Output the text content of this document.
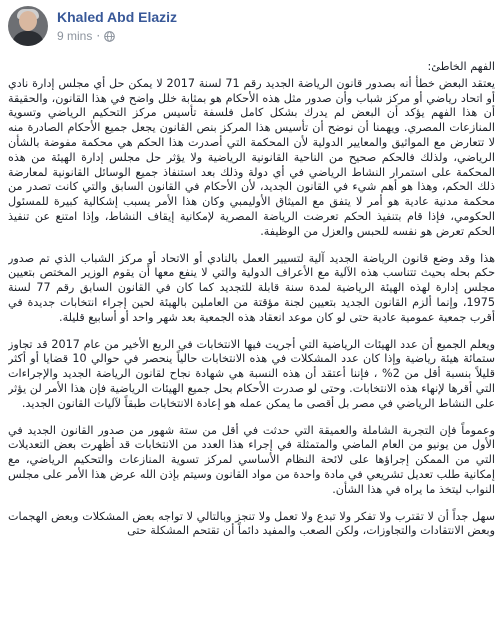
Khaled Abd Elaziz
9 mins ·

الفهم الخاطئ:

يعتقد البعض خطأ أنه بصدور قانون الرياضة الجديد رقم 71 لسنة 2017 لا يمكن حل أي مجلس إدارة نادي أو اتحاد رياضي أو مركز شباب وأن صدور مثل هذه الأحكام هو بمثابة خلل واضح في هذا القانون، والحقيقة أن هذا الفهم يؤكد أن البعض لم يدرك بشكل كامل فلسفة تأسيس مركز التحكيم الرياضي وتسوية المنازعات المصري. ويهمنا أن نوضح أن تأسيس هذا المركز بنص القانون يجعل جميع الأحكام الصادرة منه لا تتعارض مع المواثيق والمعايير الدولية لأن المحكمة التي أصدرت هذا الحكم هي محكمة مفوضة بالشأن الرياضي، ولذلك فالحكم صحيح من الناحية القانونية الرياضية ولا يؤثر حل مجلس إدارة الهيئة من هذه المحكمة على استمرار النشاط الرياضي في أي دولة وذلك بعد استنفاذ جميع الوسائل القانونية لمعارضة ذلك الحكم، وهذا هو أهم شيء في القانون الجديد، لأن الأحكام في القانون السابق والتي كانت تصدر من محكمة مدنية عادية هو أمر لا يتفق مع الميثاق الأوليمبي وكان هذا الأمر يسبب إشكالية كبيرة للمسئول الحكومي، فإذا قام بتنفيذ الحكم تعرضت الرياضة المصرية لإمكانية إيقاف النشاط، وإذا امتنع عن تنفيذ الحكم تعرض هو نفسه للحبس والعزل من الوظيفة.

هذا وقد وضع قانون الرياضة الجديد آلية لتسيير العمل بالنادي أو الاتحاد أو مركز الشباب الذي تم صدور حكم بحله بحيث تتناسب هذه الآلية مع الأعراف الدولية والتي لا ينفع معها أن يقوم الوزير المختص بتعيين مجلس إدارة لهذه الهيئة الرياضية لمدة سنة قابلة للتجديد كما كان في القانون السابق رقم 77 لسنة 1975، وإنما ألزم القانون الجديد بتعيين لجنة مؤقتة من العاملين بالهيئة لحين إجراء انتخابات جديدة في أقرب جمعية عمومية عادية حتى لو كان موعد انعقاد هذه الجمعية بعد شهر واحد أو أسابيع قليلة.

ويعلم الجميع أن عدد الهيئات الرياضية التي أجريت فيها الانتخابات في الربع الأخير من عام 2017 قد تجاوز ستمائة هيئة رياضية وإذا كان عدد المشكلات في هذه الانتخابات حالياً ينحصر في حوالي 10 قضايا أو أكثر قليلاً بنسبة أقل من 2% ، فإننا أعتقد أن هذه النسبة هي شهادة نجاح لقانون الرياضة الجديد والإجراءات التي أقرها لإنهاء هذه الانتخابات. وحتى لو صدرت الأحكام بحل جميع الهيئات الرياضية فإن هذا الأمر لن يؤثر على النشاط الرياضي في مصر بل أقصى ما يمكن عمله هو إعادة الانتخابات طبقاً لآليات القانون الجديد.

وعموماً فإن التجربة الشاملة والعميقة التي حدثت في أقل من ستة شهور من صدور القانون الجديد في الأول من يونيو من العام الماضي والمتمثلة في إجراء هذا العدد من الانتخابات قد أظهرت بعض التعديلات التي من الممكن إجراؤها على لائحة النظام الأساسي لمركز تسوية المنازعات والتحكيم الرياضي، مع إمكانية طلب تعديل تشريعي في مادة واحدة من مواد القانون وسيتم بإذن الله عرض هذا الأمر على مجلس النواب ليتخذ ما يراه في هذا الشأن.

سهل جداً أن لا تقترب ولا تفكر ولا تبدع ولا تعمل ولا تنجز وبالتالي لا تواجه بعض المشكلات وبعض الهجمات وبعض الانتقادات والتجاوزات، ولكن الصعب والمفيد دائماً أن تقتحم المشكلة حتى
